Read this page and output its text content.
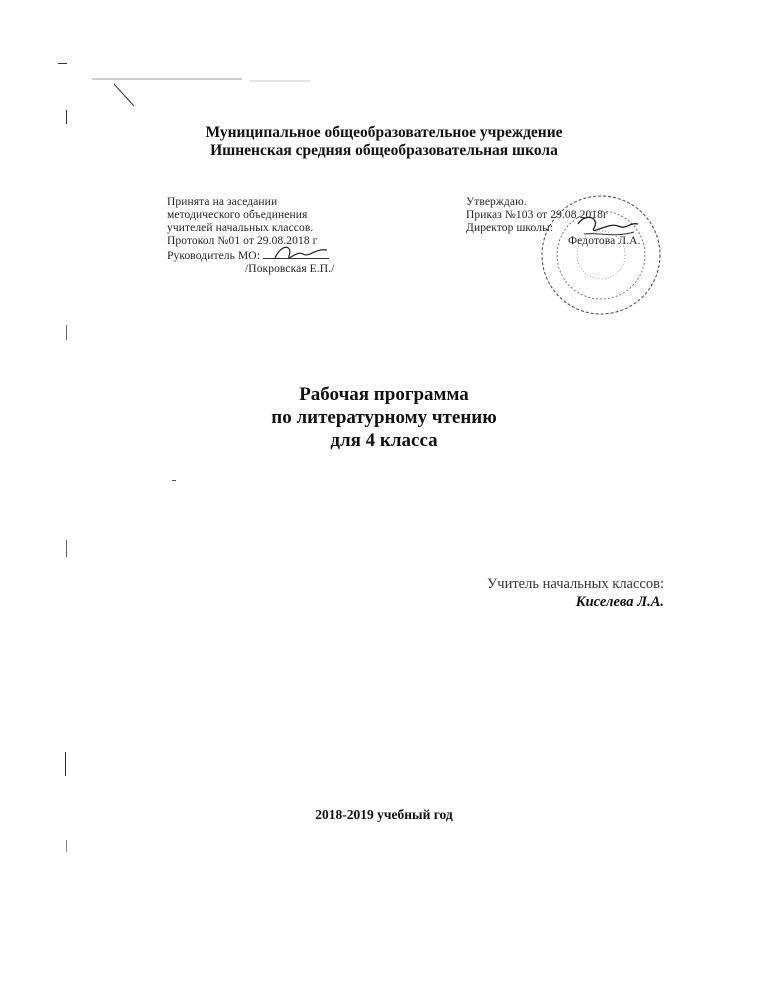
Муниципальное общеобразовательное учреждение
Ишненская средняя общеобразовательная школа
Принята на заседании
методического объединения
учителей начальных классов.
Протокол №01 от 29.08.2018 г
Руководитель МО:
/Покровская Е.П./
Утверждаю.
Приказ №103 от 29.08.2018г
Директор школы:
Федотова Л.А.
Рабочая программа
по литературному чтению
для 4 класса
Учитель начальных классов:
Киселева Л.А.
2018-2019 учебный год
